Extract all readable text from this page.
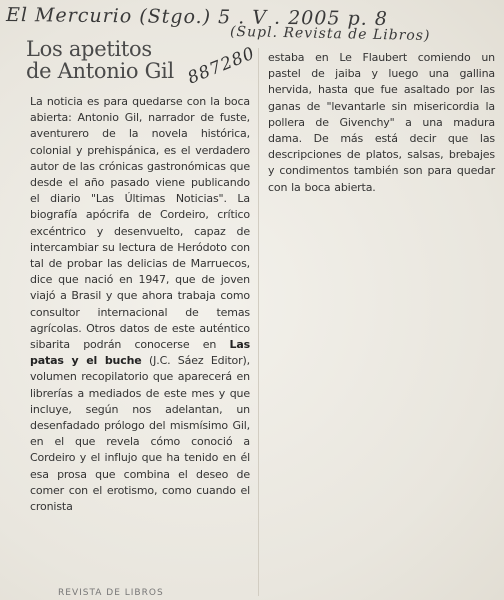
El Mercurio (Stgo.) 5 . V . 2005 p. 8
(Supl. Revista de Libros)
887280
Los apetitos
de Antonio Gil

La noticia es para quedarse con la boca abierta: Antonio Gil, narrador de fuste, aventurero de la novela histórica, colonial y prehispánica, es el verdadero autor de las crónicas gastronómicas que desde el año pasado viene publicando el diario "Las Últimas Noticias". La biografía apócrifa de Cordeiro, crítico excéntrico y desenvuelto, capaz de intercambiar su lectura de Heródoto con tal de probar las delicias de Marruecos, dice que nació en 1947, que de joven viajó a Brasil y que ahora trabaja como consultor internacional de temas agrícolas. Otros datos de este auténtico sibarita podrán conocerse en Las patas y el buche (J.C. Sáez Editor), volumen recopilatorio que aparecerá en librerías a mediados de este mes y que incluye, según nos adelantan, un desenfadado prólogo del mismísimo Gil, en el que revela cómo conoció a Cordeiro y el influjo que ha tenido en él esa prosa que combina el deseo de comer con el erotismo, como cuando el cronista

estaba en Le Flaubert comiendo un pastel de jaiba y luego una gallina hervida, hasta que fue asaltado por las ganas de "levantarle sin misericordia la pollera de Givenchy" a una madura dama. De más está decir que las descripciones de platos, salsas, brebajes y condimentos también son para quedar con la boca abierta.

REVISTA DE LIBROS
